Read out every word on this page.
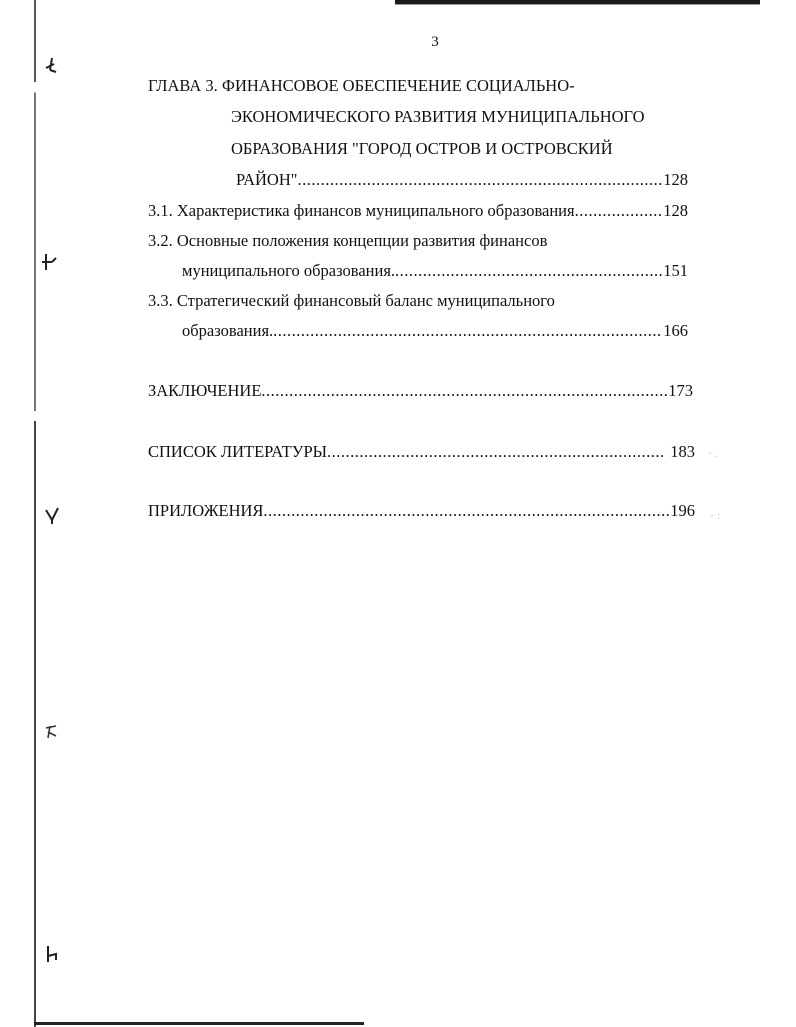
· .
· :
3
ГЛАВА 3. ФИНАНСОВОЕ ОБЕСПЕЧЕНИЕ СОЦИАЛЬНО-
ЭКОНОМИЧЕСКОГО РАЗВИТИЯ МУНИЦИПАЛЬНОГО
ОБРАЗОВАНИЯ "ГОРОД ОСТРОВ И ОСТРОВСКИЙ
РАЙОН" .....	128
3.1. Характеристика финансов муниципального образования .....	128
3.2. Основные положения концепции развития финансов
муниципального образования. .....	151
3.3. Стратегический финансовый баланс муниципального
образования. .....	166
ЗАКЛЮЧЕНИЕ .....	173
СПИСОК ЛИТЕРАТУРЫ .....	183
ПРИЛОЖЕНИЯ .....	196
